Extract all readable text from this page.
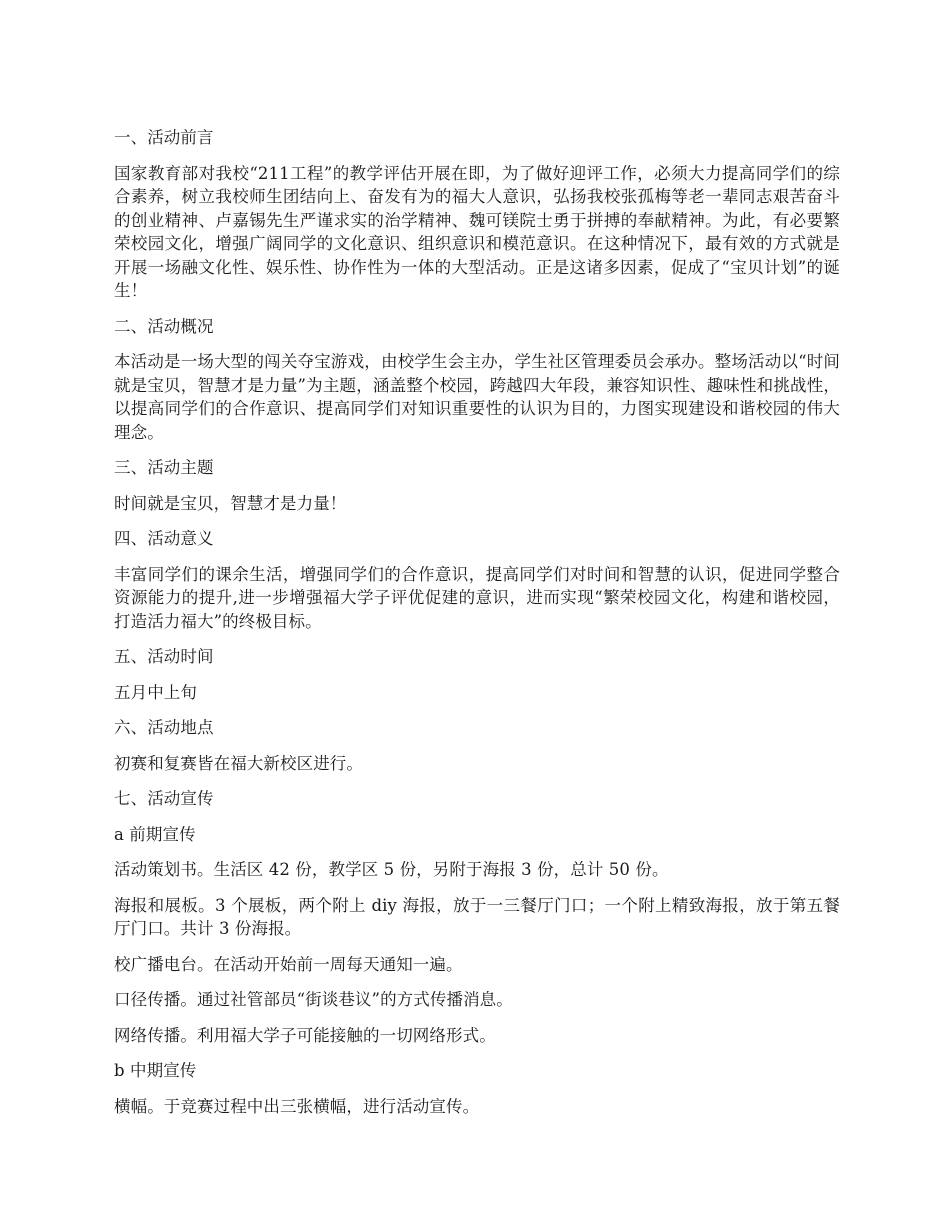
一、活动前言

国家教育部对我校“211工程”的教学评估开展在即，为了做好迎评工作，必须大力提高同学们的综合素养，树立我校师生团结向上、奋发有为的福大人意识，弘扬我校张孤梅等老一辈同志艰苦奋斗的创业精神、卢嘉锡先生严谨求实的治学精神、魏可镁院士勇于拼搏的奉献精神。为此，有必要繁荣校园文化，增强广阔同学的文化意识、组织意识和模范意识。在这种情况下，最有效的方式就是开展一场融文化性、娱乐性、协作性为一体的大型活动。正是这诸多因素，促成了“宝贝计划”的诞生！

二、活动概况

本活动是一场大型的闯关夺宝游戏，由校学生会主办，学生社区管理委员会承办。整场活动以“时间就是宝贝，智慧才是力量”为主题，涵盖整个校园，跨越四大年段，兼容知识性、趣味性和挑战性，以提高同学们的合作意识、提高同学们对知识重要性的认识为目的，力图实现建设和谐校园的伟大理念。

三、活动主题

时间就是宝贝，智慧才是力量！

四、活动意义

丰富同学们的课余生活，增强同学们的合作意识，提高同学们对时间和智慧的认识，促进同学整合资源能力的提升,进一步增强福大学子评优促建的意识，进而实现“繁荣校园文化，构建和谐校园，打造活力福大”的终极目标。

五、活动时间

五月中上旬

六、活动地点

初赛和复赛皆在福大新校区进行。

七、活动宣传

a 前期宣传

活动策划书。生活区 42 份，教学区 5 份，另附于海报 3 份，总计 50 份。

海报和展板。3 个展板，两个附上 diy 海报，放于一三餐厅门口；一个附上精致海报，放于第五餐厅门口。共计 3 份海报。

校广播电台。在活动开始前一周每天通知一遍。

口径传播。通过社管部员“街谈巷议”的方式传播消息。

网络传播。利用福大学子可能接触的一切网络形式。

b 中期宣传

横幅。于竞赛过程中出三张横幅，进行活动宣传。
